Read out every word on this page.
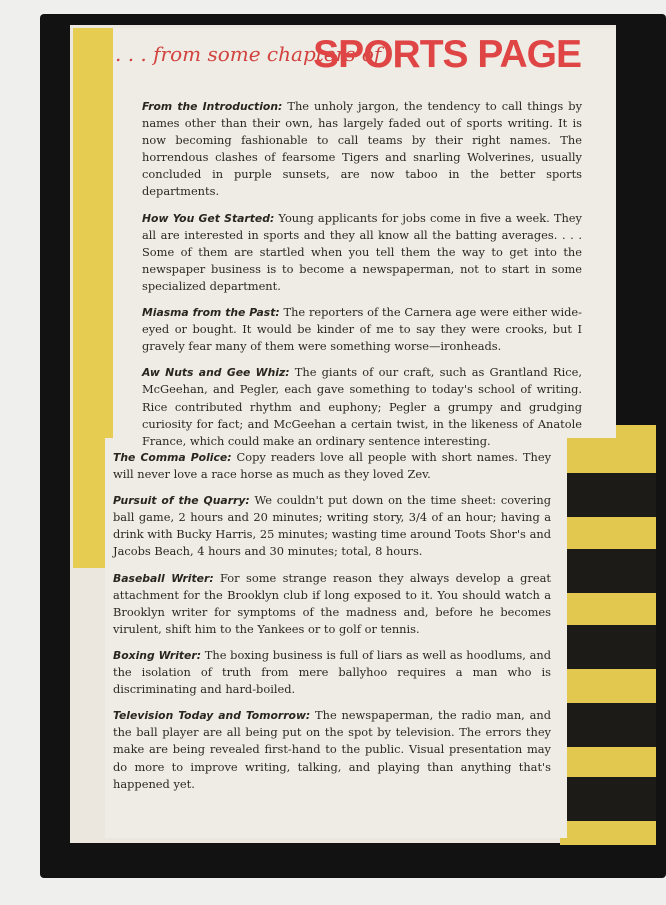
. . . from some chapters of
SPORTS PAGE

From the Introduction: The unholy jargon, the tendency to call things by names other than their own, has largely faded out of sports writing. It is now becoming fashionable to call teams by their right names. The horrendous clashes of fearsome Tigers and snarling Wolverines, usually concluded in purple sunsets, are now taboo in the better sports departments.

How You Get Started: Young applicants for jobs come in five a week. They all are interested in sports and they all know all the batting averages. . . . Some of them are startled when you tell them the way to get into the newspaper business is to become a newspaperman, not to start in some specialized department.

Miasma from the Past: The reporters of the Carnera age were either wide-eyed or bought. It would be kinder of me to say they were crooks, but I gravely fear many of them were something worse—ironheads.

Aw Nuts and Gee Whiz: The giants of our craft, such as Grantland Rice, McGeehan, and Pegler, each gave something to today's school of writing. Rice contributed rhythm and euphony; Pegler a grumpy and grudging curiosity for fact; and McGeehan a certain twist, in the likeness of Anatole France, which could make an ordinary sentence interesting.

The Comma Police: Copy readers love all people with short names. They will never love a race horse as much as they loved Zev.

Pursuit of the Quarry: We couldn't put down on the time sheet: covering ball game, 2 hours and 20 minutes; writing story, 3/4 of an hour; having a drink with Bucky Harris, 25 minutes; wasting time around Toots Shor's and Jacobs Beach, 4 hours and 30 minutes; total, 8 hours.

Baseball Writer: For some strange reason they always develop a great attachment for the Brooklyn club if long exposed to it. You should watch a Brooklyn writer for symptoms of the madness and, before he becomes virulent, shift him to the Yankees or to golf or tennis.

Boxing Writer: The boxing business is full of liars as well as hoodlums, and the isolation of truth from mere ballyhoo requires a man who is discriminating and hard-boiled.

Television Today and Tomorrow: The newspaperman, the radio man, and the ball player are all being put on the spot by television. The errors they make are being revealed first-hand to the public. Visual presentation may do more to improve writing, talking, and playing than anything that's happened yet.
